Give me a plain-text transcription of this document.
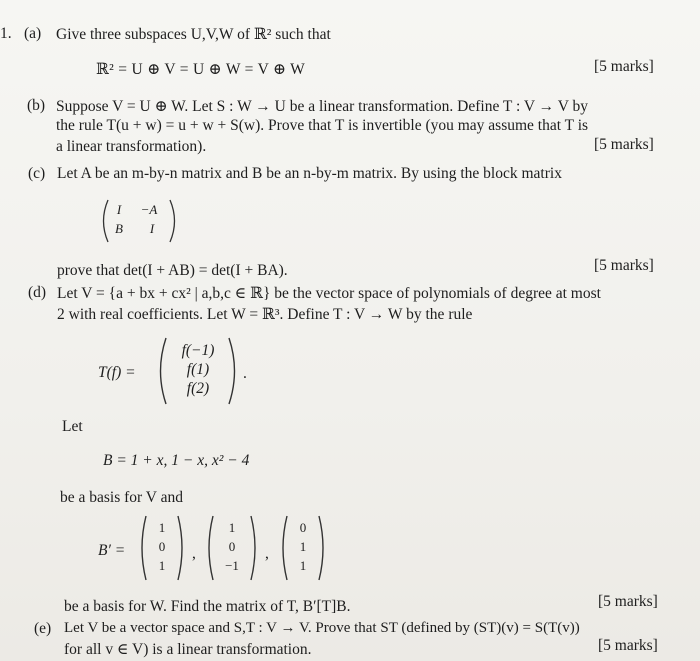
1. (a) Give three subspaces U,V,W of ℝ² such that
ℝ² = U ⊕ V = U ⊕ W = V ⊕ W	[5 marks]
(b) Suppose V = U ⊕ W. Let S : W → U be a linear transformation. Define T : V → V by
the rule T(u + w) = u + w + S(w). Prove that T is invertible (you may assume that T is
a linear transformation).	[5 marks]
(c) Let A be an m-by-n matrix and B be an n-by-m matrix. By using the block matrix
I	−A
B	I
prove that det(I + AB) = det(I + BA).	[5 marks]
(d) Let V = {a + bx + cx² | a,b,c ∈ ℝ} be the vector space of polynomials of degree at most
2 with real coefficients. Let W = ℝ³. Define T : V → W by the rule
T(f) =
f(−1)
f(1)
f(2)
.
Let
B = 1 + x, 1 − x, x² − 4
be a basis for V and
B′ =
1
0
1
,
1
0
−1
,
0
1
1
be a basis for W. Find the matrix of T, B′[T]B.	[5 marks]
(e) Let V be a vector space and S,T : V → V. Prove that ST (defined by (ST)(v) = S(T(v))
for all v ∈ V) is a linear transformation.	[5 marks]
